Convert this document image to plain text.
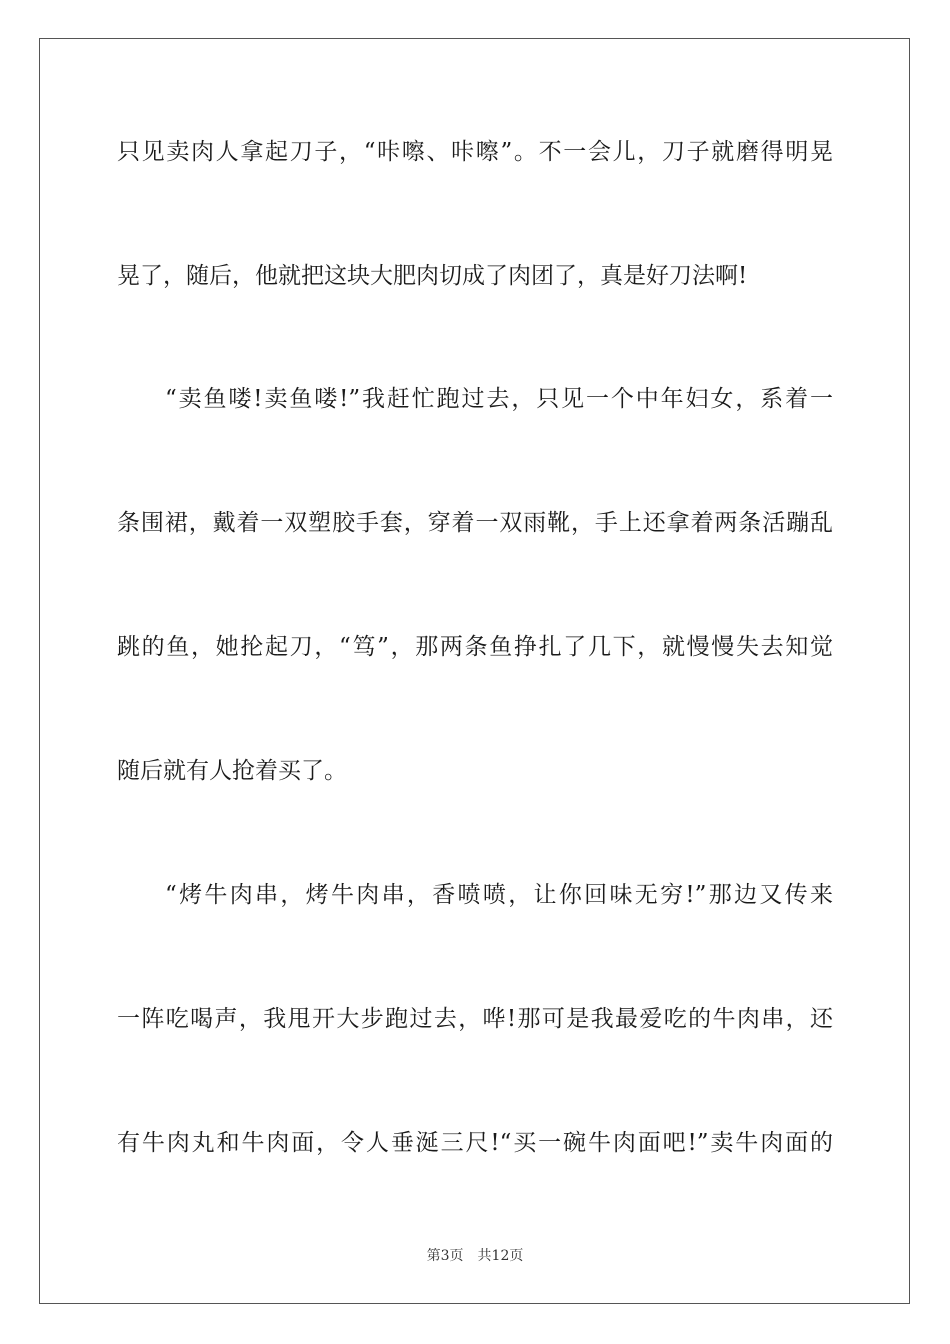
只见卖肉人拿起刀子，“咔嚓、咔嚓”。不一会儿，刀子就磨得明晃
晃了，随后，他就把这块大肥肉切成了肉团了，真是好刀法啊!
“卖鱼喽!卖鱼喽!”我赶忙跑过去，只见一个中年妇女，系着一
条围裙，戴着一双塑胶手套，穿着一双雨靴，手上还拿着两条活蹦乱
跳的鱼，她抡起刀，“笃”，那两条鱼挣扎了几下，就慢慢失去知觉
随后就有人抢着买了。
“烤牛肉串，烤牛肉串，香喷喷，让你回味无穷!”那边又传来
一阵吃喝声，我甩开大步跑过去，哗!那可是我最爱吃的牛肉串，还
有牛肉丸和牛肉面，令人垂涎三尺!“买一碗牛肉面吧!”卖牛肉面的
第3页 共12页
